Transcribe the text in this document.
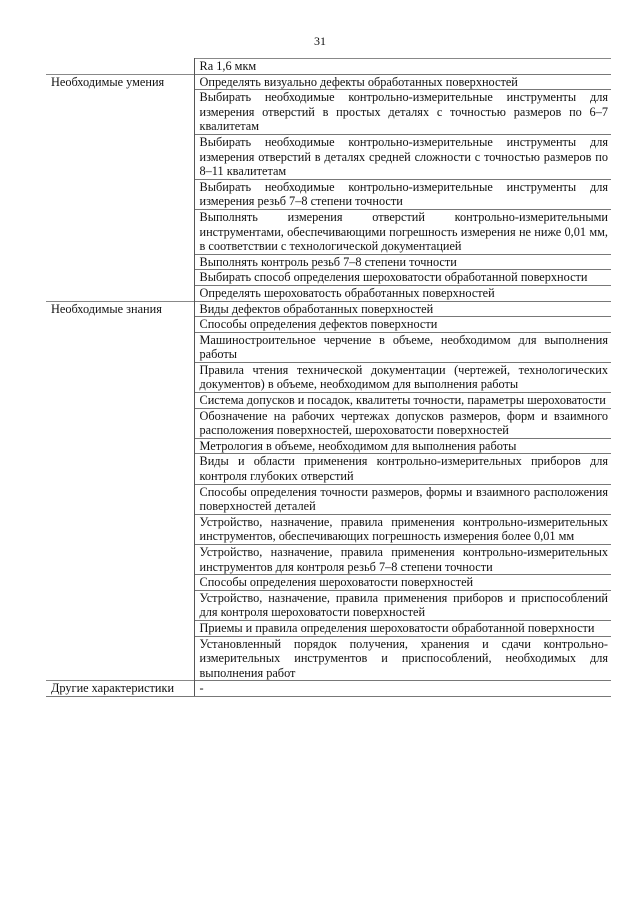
31
	Ra 1,6 мкм
Необходимые умения	Определять визуально дефекты обработанных поверхностей
	Выбирать необходимые контрольно-измерительные инструменты для измерения отверстий в простых деталях с точностью размеров по 6–7 квалитетам
	Выбирать необходимые контрольно-измерительные инструменты для измерения отверстий в деталях средней сложности с точностью размеров по 8–11 квалитетам
	Выбирать необходимые контрольно-измерительные инструменты для измерения резьб 7–8 степени точности
	Выполнять измерения отверстий контрольно-измерительными инструментами, обеспечивающими погрешность измерения не ниже 0,01 мм, в соответствии с технологической документацией
	Выполнять контроль резьб 7–8 степени точности
	Выбирать способ определения шероховатости обработанной поверхности
	Определять шероховатость обработанных поверхностей
Необходимые знания	Виды дефектов обработанных поверхностей
	Способы определения дефектов поверхности
	Машиностроительное черчение в объеме, необходимом для выполнения работы
	Правила чтения технической документации (чертежей, технологических документов) в объеме, необходимом для выполнения работы
	Система допусков и посадок, квалитеты точности, параметры шероховатости
	Обозначение на рабочих чертежах допусков размеров, форм и взаимного расположения поверхностей, шероховатости поверхностей
	Метрология в объеме, необходимом для выполнения работы
	Виды и области применения контрольно-измерительных приборов для контроля глубоких отверстий
	Способы определения точности размеров, формы и взаимного расположения поверхностей деталей
	Устройство, назначение, правила применения контрольно-измерительных инструментов, обеспечивающих погрешность измерения более 0,01 мм
	Устройство, назначение, правила применения контрольно-измерительных инструментов для контроля резьб 7–8 степени точности
	Способы определения шероховатости поверхностей
	Устройство, назначение, правила применения приборов и приспособлений для контроля шероховатости поверхностей
	Приемы и правила определения шероховатости обработанной поверхности
	Установленный порядок получения, хранения и сдачи контрольно-измерительных инструментов и приспособлений, необходимых для выполнения работ
Другие характеристики	-
